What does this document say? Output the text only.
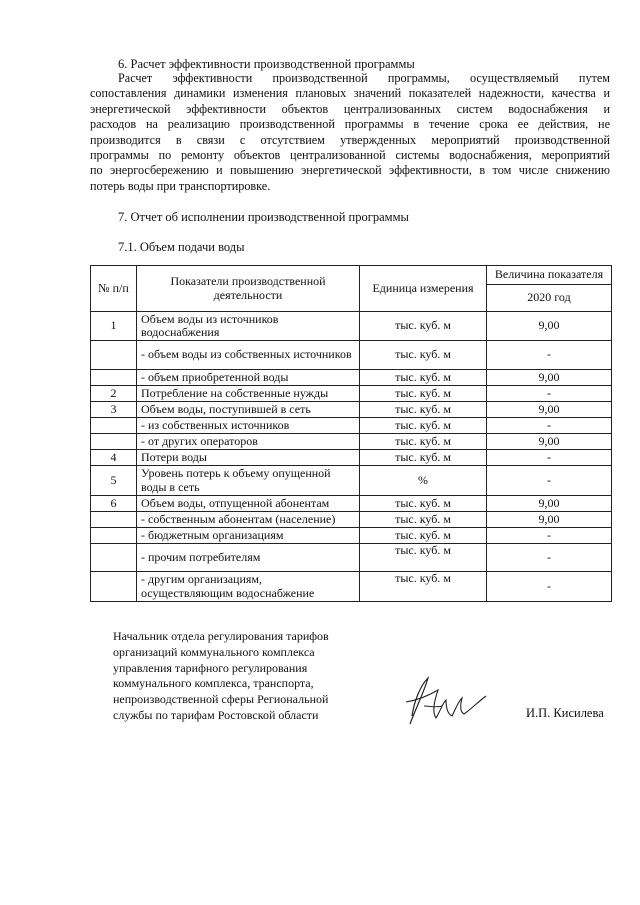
6. Расчет эффективности производственной программы
Расчет эффективности производственной программы, осуществляемый путем
сопоставления динамики изменения плановых значений показателей надежности, качества и
энергетической эффективности объектов централизованных систем водоснабжения и
расходов на реализацию производственной программы в течение срока ее действия, не
производится в связи с отсутствием утвержденных мероприятий производственной
программы по ремонту объектов централизованной системы водоснабжения, мероприятий
по энергосбережению и повышению энергетической эффективности, в том числе снижению
потерь воды при транспортировке.
7. Отчет об исполнении производственной программы
7.1. Объем подачи воды
№ п/п	Показатели производственной деятельности	Единица измерения	Величина показателя
			2020 год
1	Объем воды из источников водоснабжения	тыс. куб. м	9,00
	- объем воды из собственных источников	тыс. куб. м	-
	- объем приобретенной воды	тыс. куб. м	9,00
2	Потребление на собственные нужды	тыс. куб. м	-
3	Объем воды, поступившей в сеть	тыс. куб. м	9,00
	- из собственных источников	тыс. куб. м	-
	- от других операторов	тыс. куб. м	9,00
4	Потери воды	тыс. куб. м	-
5	Уровень потерь к объему опущенной воды в сеть	%	-
6	Объем воды, отпущенной абонентам	тыс. куб. м	9,00
	- собственным абонентам (население)	тыс. куб. м	9,00
	- бюджетным организациям	тыс. куб. м	-
	- прочим потребителям	тыс. куб. м	-
	- другим организациям, осуществляющим водоснабжение	тыс. куб. м	-
Начальник отдела регулирования тарифов
организаций коммунального комплекса
управления тарифного регулирования
коммунального комплекса, транспорта,
непроизводственной сферы Региональной
службы по тарифам Ростовской области	И.П. Кисилева
